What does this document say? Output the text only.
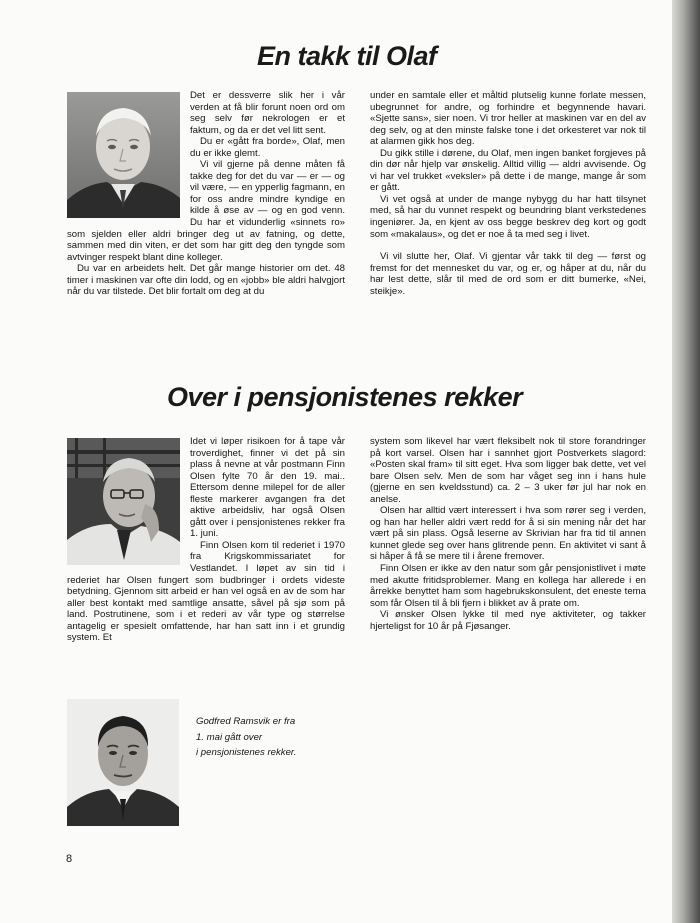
En takk til Olaf

Det er dessverre slik her i vår verden at få blir forunt noen ord om seg selv før nekrologen er et faktum, og da er det vel litt sent.

Du er «gått fra borde», Olaf, men du er ikke glemt.

Vi vil gjerne på denne måten få takke deg for det du var — er — og vil være, — en ypperlig fagmann, en for oss andre mindre kyndige en kilde å øse av — og en god venn. Du har et vidunderlig «sinnets ro» som sjelden eller aldri bringer deg ut av fatning, og dette, sammen med din viten, er det som har gitt deg den tyngde som avtvinger respekt blant dine kolleger.

Du var en arbeidets helt. Det går mange historier om det. 48 timer i maskinen var ofte din lodd, og en «jobb» ble aldri halvgjort når du var tilstede. Det blir fortalt om deg at du

under en samtale eller et måltid plutselig kunne forlate messen, ubegrunnet for andre, og forhindre et begynnende havari. «Sjette sans», sier noen. Vi tror heller at maskinen var en del av deg selv, og at den minste falske tone i det orkesteret var nok til at alarmen gikk hos deg.

Du gikk stille i dørene, du Olaf, men ingen banket forgjeves på din dør når hjelp var ønskelig. Alltid villig — aldri avvisende. Og vi har vel trukket «veksler» på dette i de mange, mange år som er gått.

Vi vet også at under de mange nybygg du har hatt tilsynet med, så har du vunnet respekt og beundring blant verkstedenes ingeniører. Ja, en kjent av oss begge beskrev deg kort og godt som «makalaus», og det er noe å ta med seg i livet.

Vi vil slutte her, Olaf. Vi gjentar vår takk til deg — først og fremst for det mennesket du var, og er, og håper at du, når du har lest dette, slår til med de ord som er ditt bumerke, «Nei, steikje».

Over i pensjonistenes rekker

Idet vi løper risikoen for å tape vår troverdighet, finner vi det på sin plass å nevne at vår postmann Finn Olsen fylte 70 år den 19. mai.. Ettersom denne milepel for de aller fleste markerer avgangen fra det aktive arbeidsliv, har også Olsen gått over i pensjonistenes rekker fra 1. juni.

Finn Olsen kom til rederiet i 1970 fra Krigskommissariatet for Vestlandet. I løpet av sin tid i rederiet har Olsen fungert som budbringer i ordets videste betydning. Gjennom sitt arbeid er han vel også en av de som har aller best kontakt med samtlige ansatte, såvel på sjø som på land. Postrutinene, som i et rederi av vår type og størrelse antagelig er spesielt omfattende, har han satt inn i et grundig system. Et

system som likevel har vært fleksibelt nok til store forandringer på kort varsel. Olsen har i sannhet gjort Postverkets slagord: «Posten skal fram» til sitt eget. Hva som ligger bak dette, vet vel bare Olsen selv. Men de som har våget seg inn i hans hule (gjerne en sen kveldsstund) ca. 2 – 3 uker før jul har nok en anelse.

Olsen har alltid vært interessert i hva som rører seg i verden, og han har heller aldri vært redd for å si sin mening når det har vært på sin plass. Også leserne av Skrivian har fra tid til annen kunnet glede seg over hans glitrende penn. En aktivitet vi sant å si håper å få se mere til i årene fremover.

Finn Olsen er ikke av den natur som går pensjonistlivet i møte med akutte fritidsproblemer. Mang en kollega har allerede i en årrekke benyttet ham som hagebrukskonsulent, det eneste tema som får Olsen til å bli fjern i blikket av å prate om.

Vi ønsker Olsen lykke til med nye aktiviteter, og takker hjerteligst for 10 år på Fjøsanger.

Godfred Ramsvik er fra
1. mai gått over
i pensjonistenes rekker.
8
